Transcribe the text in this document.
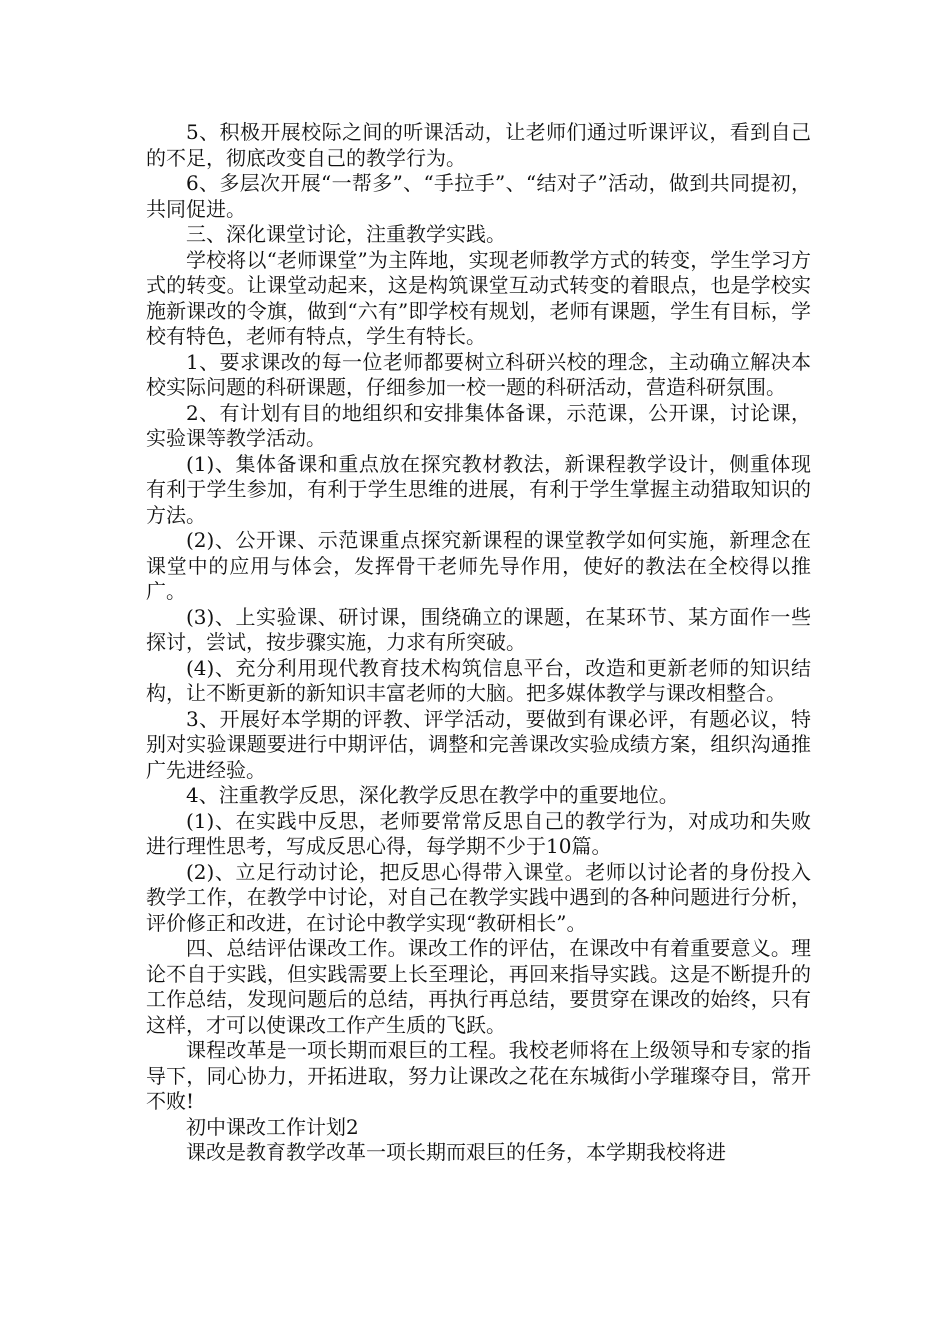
5、积极开展校际之间的听课活动，让老师们通过听课评议，看到自己的不足，彻底改变自己的教学行为。

6、多层次开展“一帮多”、“手拉手”、“结对子”活动，做到共同提初，共同促进。

三、深化课堂讨论，注重教学实践。

学校将以“老师课堂”为主阵地，实现老师教学方式的转变，学生学习方式的转变。让课堂动起来，这是构筑课堂互动式转变的着眼点，也是学校实施新课改的令旗，做到“六有”即学校有规划，老师有课题，学生有目标，学校有特色，老师有特点，学生有特长。

1、要求课改的每一位老师都要树立科研兴校的理念，主动确立解决本校实际问题的科研课题，仔细参加一校一题的科研活动，营造科研氛围。

2、有计划有目的地组织和安排集体备课，示范课，公开课，讨论课，实验课等教学活动。

(1)、集体备课和重点放在探究教材教法，新课程教学设计，侧重体现有利于学生参加，有利于学生思维的进展，有利于学生掌握主动猎取知识的方法。

(2)、公开课、示范课重点探究新课程的课堂教学如何实施，新理念在课堂中的应用与体会，发挥骨干老师先导作用，使好的教法在全校得以推广。

(3)、上实验课、研讨课，围绕确立的课题，在某环节、某方面作一些探讨，尝试，按步骤实施，力求有所突破。

(4)、充分利用现代教育技术构筑信息平台，改造和更新老师的知识结构，让不断更新的新知识丰富老师的大脑。把多媒体教学与课改相整合。

3、开展好本学期的评教、评学活动，要做到有课必评，有题必议，特别对实验课题要进行中期评估，调整和完善课改实验成绩方案，组织沟通推广先进经验。

4、注重教学反思，深化教学反思在教学中的重要地位。

(1)、在实践中反思，老师要常常反思自己的教学行为，对成功和失败进行理性思考，写成反思心得，每学期不少于10篇。

(2)、立足行动讨论，把反思心得带入课堂。老师以讨论者的身份投入教学工作，在教学中讨论，对自己在教学实践中遇到的各种问题进行分析，评价修正和改进，在讨论中教学实现“教研相长”。

四、总结评估课改工作。课改工作的评估，在课改中有着重要意义。理论不自于实践，但实践需要上长至理论，再回来指导实践。这是不断提升的工作总结，发现问题后的总结，再执行再总结，要贯穿在课改的始终，只有这样，才可以使课改工作产生质的飞跃。

课程改革是一项长期而艰巨的工程。我校老师将在上级领导和专家的指导下，同心协力，开拓进取，努力让课改之花在东城街小学璀璨夺目，常开不败!

初中课改工作计划2

课改是教育教学改革一项长期而艰巨的任务，本学期我校将进
